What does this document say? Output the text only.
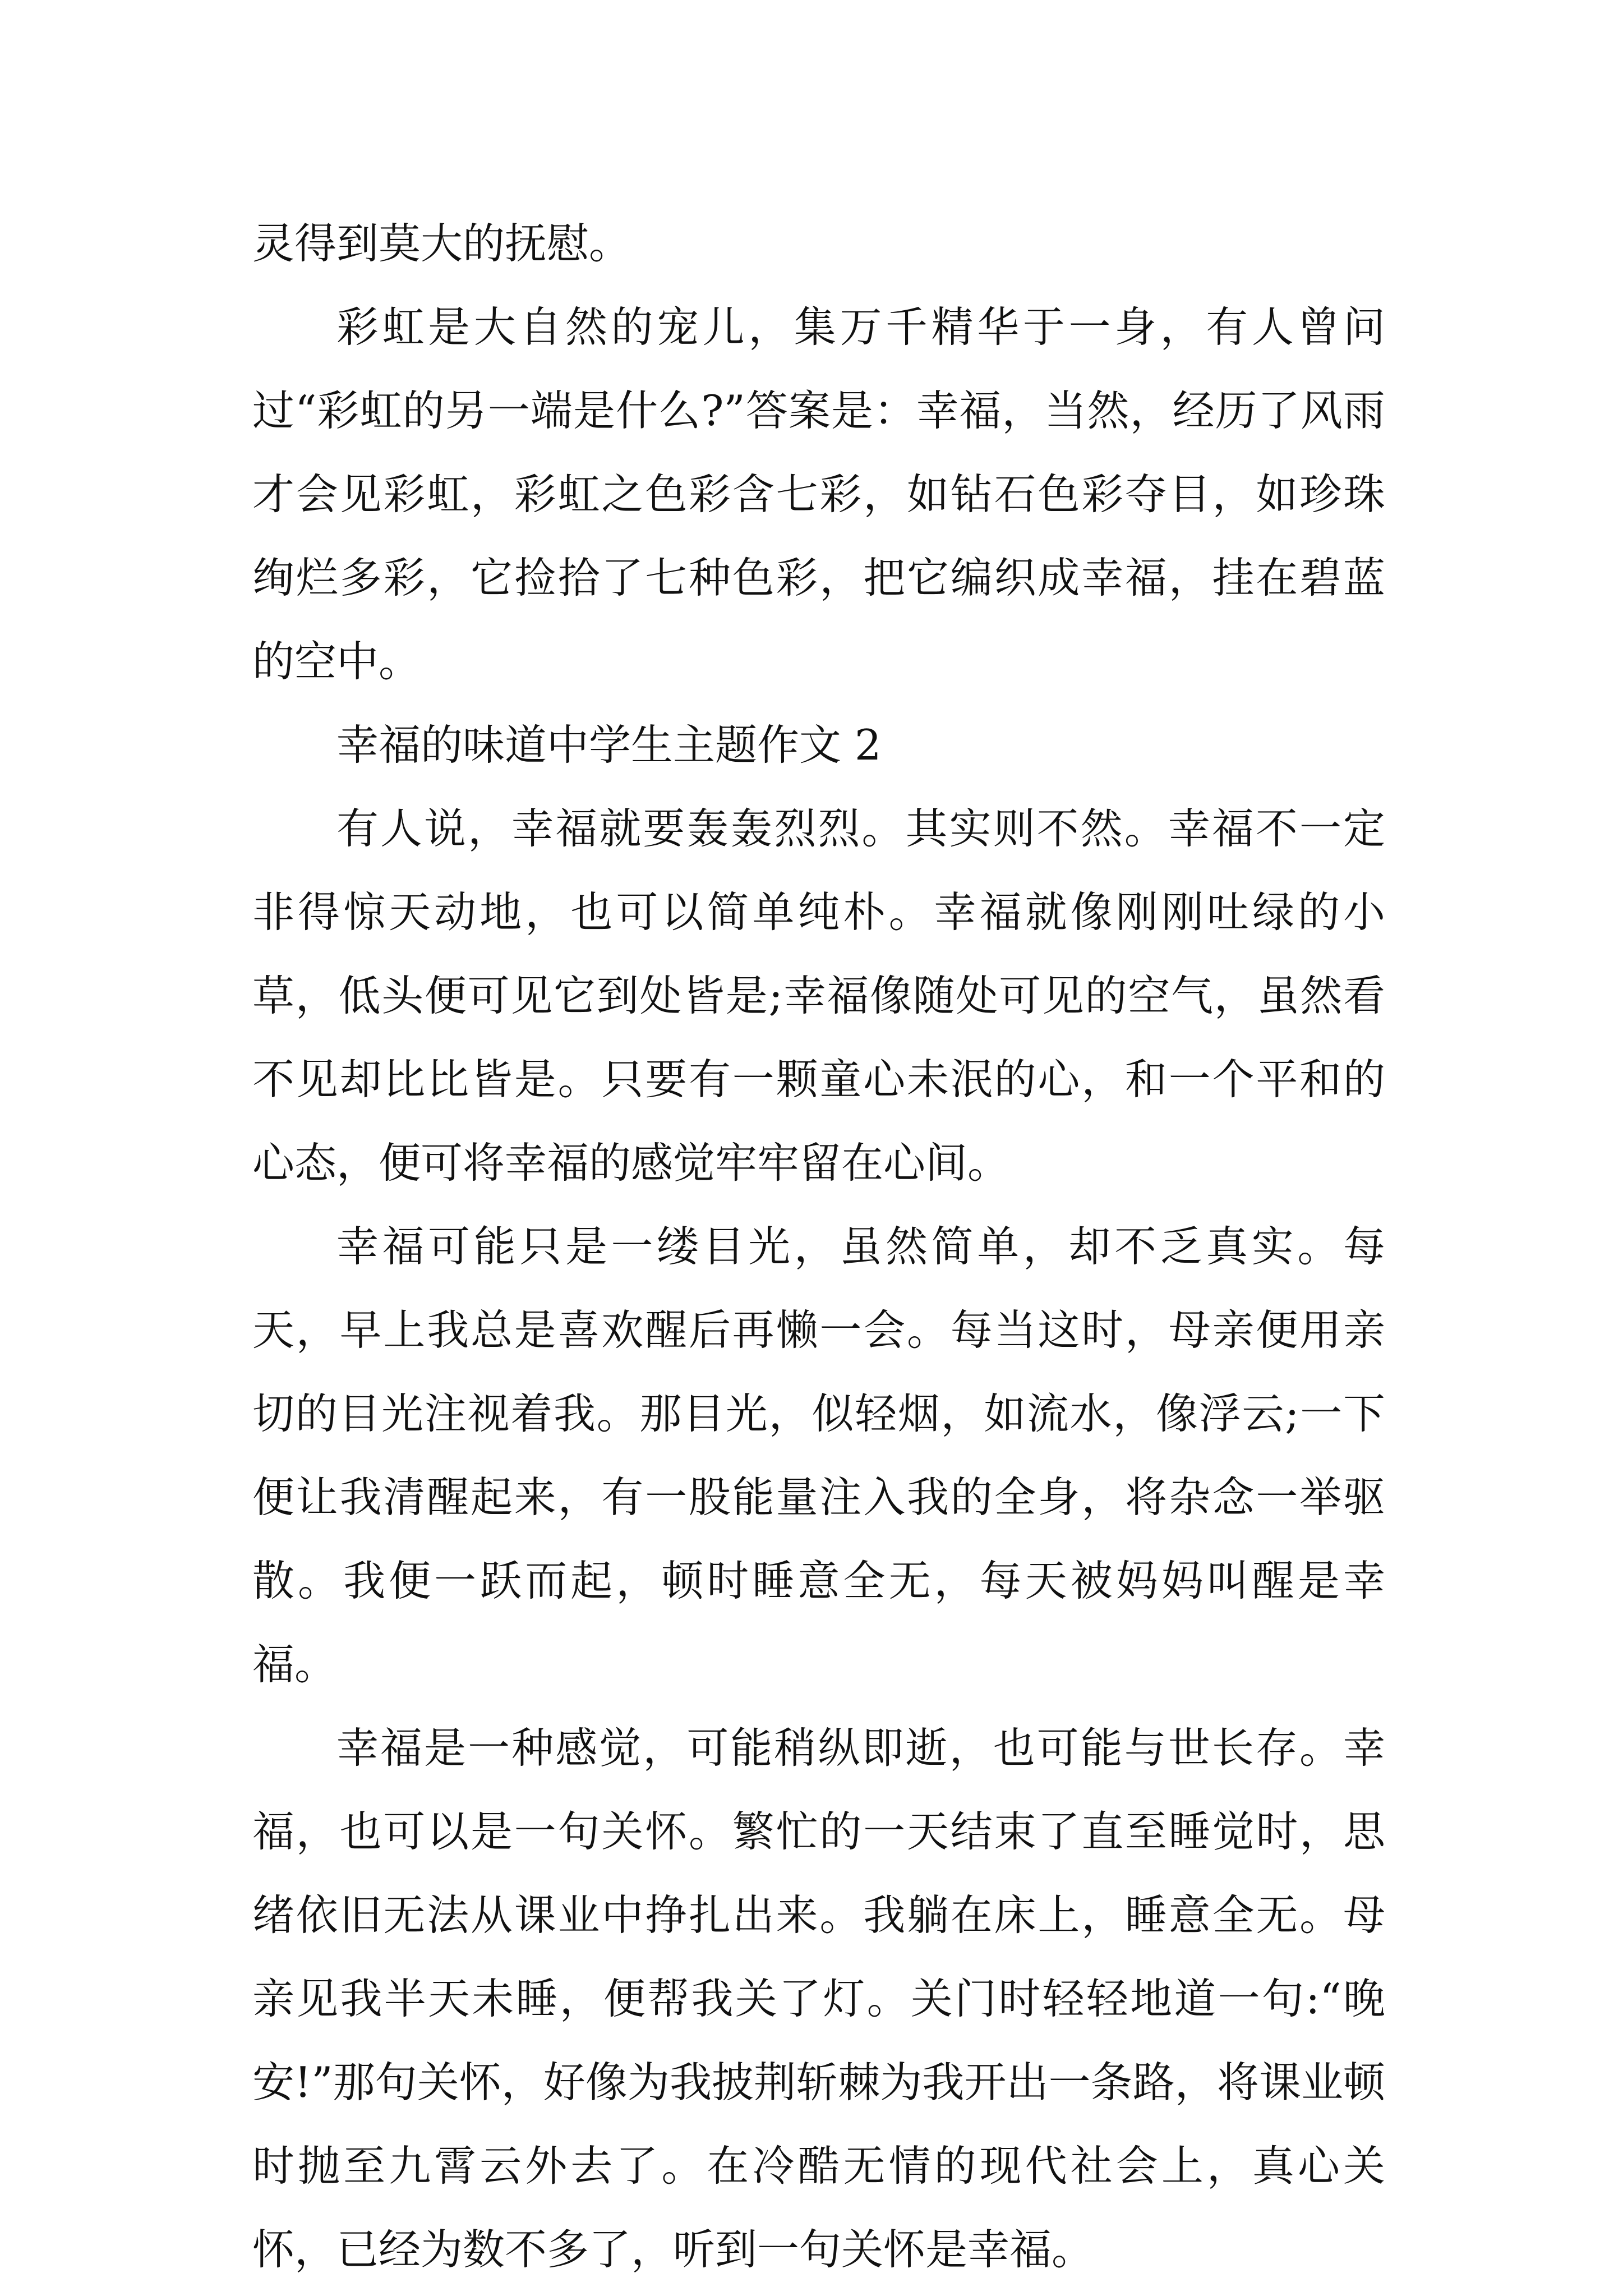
灵得到莫大的抚慰。

彩虹是大自然的宠儿，集万千精华于一身，有人曾问过“彩虹的另一端是什么?”答案是：幸福，当然，经历了风雨才会见彩虹，彩虹之色彩含七彩，如钻石色彩夺目，如珍珠绚烂多彩，它捡拾了七种色彩，把它编织成幸福，挂在碧蓝的空中。

幸福的味道中学生主题作文 2

有人说，幸福就要轰轰烈烈。其实则不然。幸福不一定非得惊天动地，也可以简单纯朴。幸福就像刚刚吐绿的小草，低头便可见它到处皆是;幸福像随处可见的空气，虽然看不见却比比皆是。只要有一颗童心未泯的心，和一个平和的心态，便可将幸福的感觉牢牢留在心间。

幸福可能只是一缕目光，虽然简单，却不乏真实。每天，早上我总是喜欢醒后再懒一会。每当这时，母亲便用亲切的目光注视着我。那目光，似轻烟，如流水，像浮云;一下便让我清醒起来，有一股能量注入我的全身，将杂念一举驱散。我便一跃而起，顿时睡意全无，每天被妈妈叫醒是幸福。

幸福是一种感觉，可能稍纵即逝，也可能与世长存。幸福，也可以是一句关怀。繁忙的一天结束了直至睡觉时，思绪依旧无法从课业中挣扎出来。我躺在床上，睡意全无。母亲见我半天未睡，便帮我关了灯。关门时轻轻地道一句:“晚安!”那句关怀，好像为我披荆斩棘为我开出一条路，将课业顿时抛至九霄云外去了。在冷酷无情的现代社会上，真心关怀，已经为数不多了，听到一句关怀是幸福。
